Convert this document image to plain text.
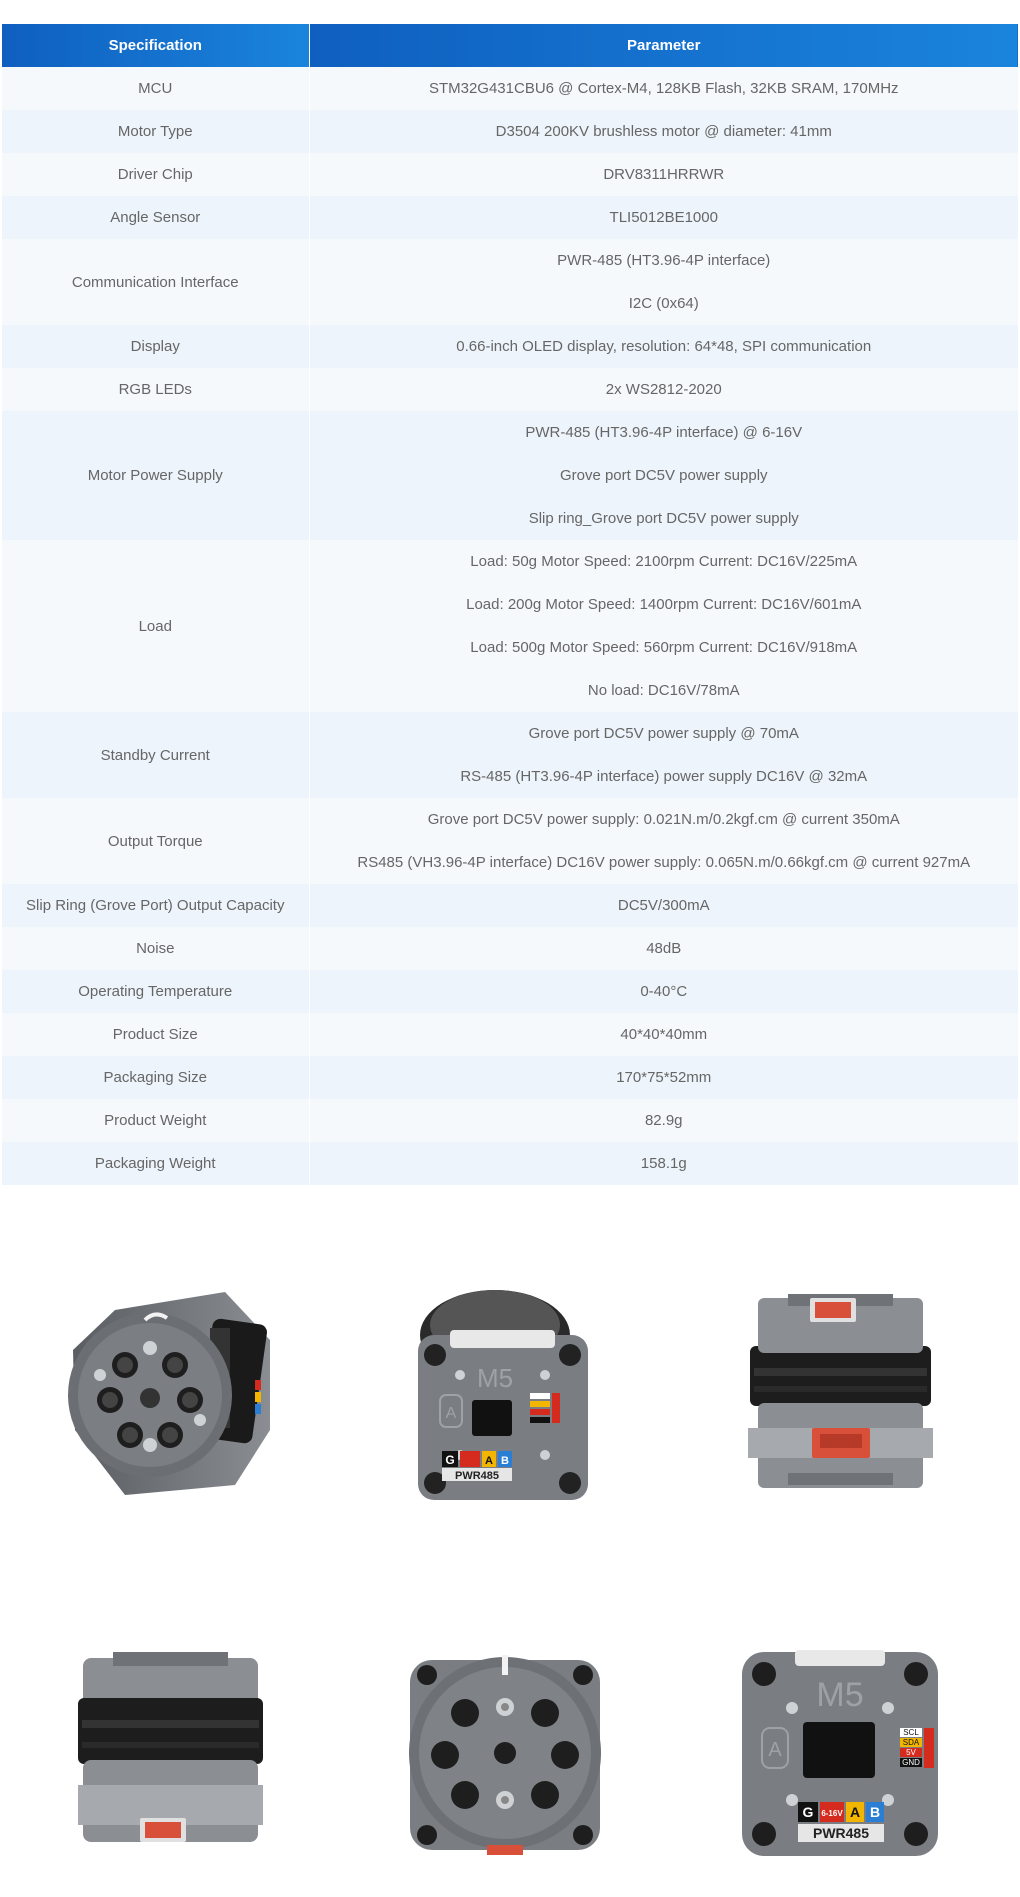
Specification	Parameter
MCU	STM32G431CBU6 @ Cortex-M4, 128KB Flash, 32KB SRAM, 170MHz

Motor Type	D3504 200KV brushless motor @ diameter: 41mm

Driver Chip	DRV8311HRRWR

Angle Sensor	TLI5012BE1000

Communication Interface	PWR-485 (HT3.96-4P interface)
I2C (0x64)

Display	0.66-inch OLED display, resolution: 64*48, SPI communication

RGB LEDs	2x WS2812-2020

Motor Power Supply	PWR-485 (HT3.96-4P interface) @ 6-16V
Grove port DC5V power supply
Slip ring_Grove port DC5V power supply

Load	Load: 50g Motor Speed: 2100rpm Current: DC16V/225mA
Load: 200g Motor Speed: 1400rpm Current: DC16V/601mA
Load: 500g Motor Speed: 560rpm Current: DC16V/918mA
No load: DC16V/78mA

Standby Current	Grove port DC5V power supply @ 70mA
RS-485 (HT3.96-4P interface) power supply DC16V @ 32mA

Output Torque	Grove port DC5V power supply: 0.021N.m/0.2kgf.cm @ current 350mA
RS485 (VH3.96-4P interface) DC16V power supply: 0.065N.m/0.66kgf.cm @ current 927mA

Slip Ring (Grove Port) Output Capacity	DC5V/300mA

Noise	48dB

Operating Temperature	0-40°C

Product Size	40*40*40mm

Packaging Size	170*75*52mm

Product Weight	82.9g

Packaging Weight	158.1g
M5
A
G	A B
PWR485
M5
A
SCL
SDA
5V
GND
G 6-16V A B
PWR485
